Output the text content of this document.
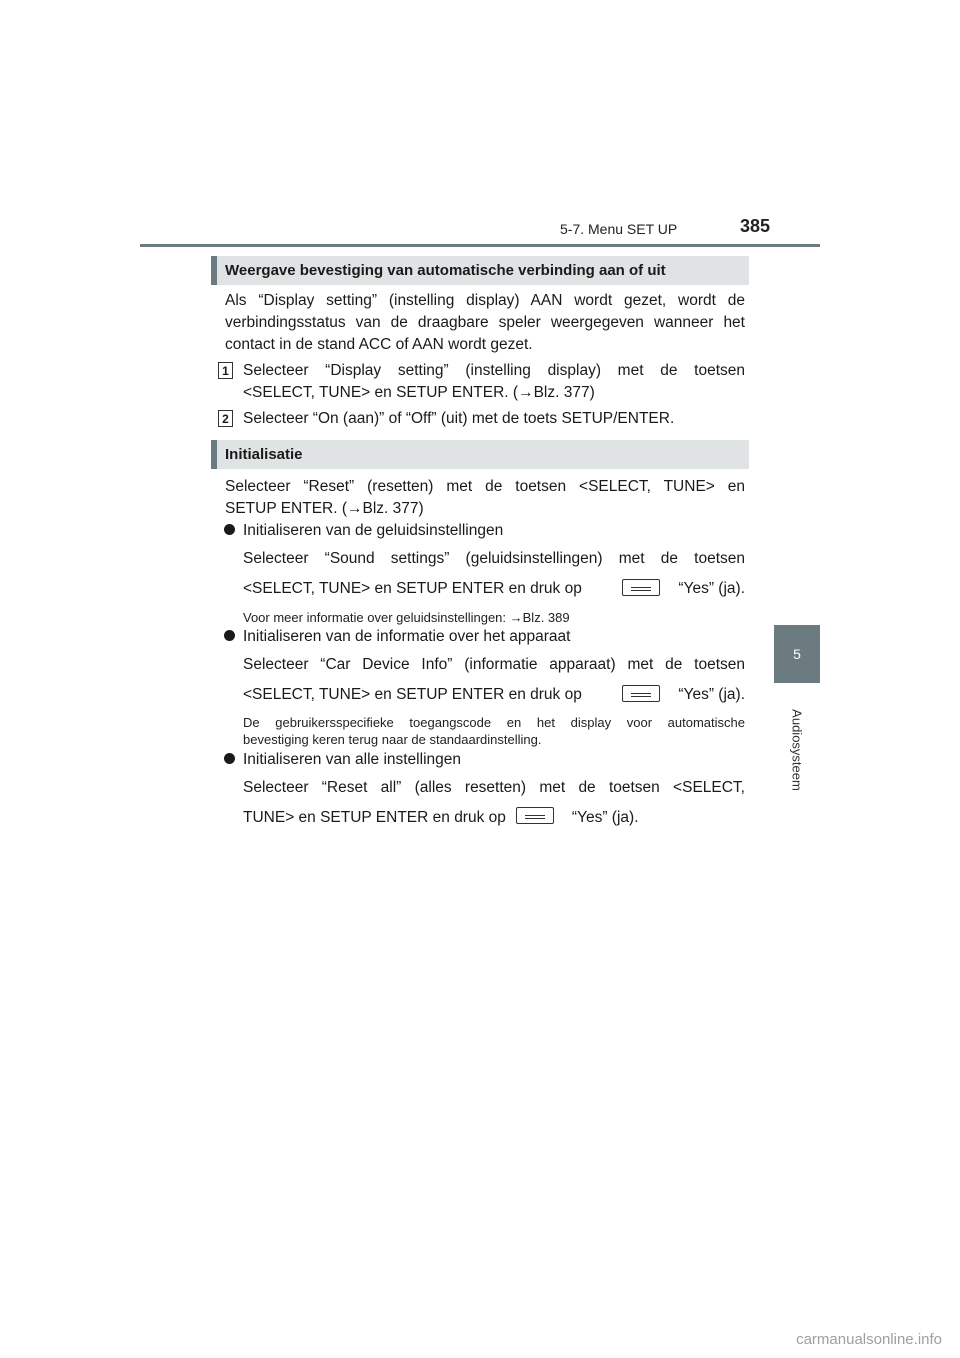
5-7. Menu SET UP	385
5
Audiosysteem
Weergave bevestiging van automatische verbinding aan of uit
Als “Display setting” (instelling display) AAN wordt gezet, wordt de
verbindingsstatus van de draagbare speler weergegeven wanneer het
contact in de stand ACC of AAN wordt gezet.
1 Selecteer “Display setting” (instelling display) met de toetsen
<SELECT, TUNE> en SETUP ENTER. (→Blz. 377)
2 Selecteer “On (aan)” of “Off” (uit) met de toets SETUP/ENTER.
Initialisatie
Selecteer “Reset” (resetten) met de toetsen <SELECT, TUNE> en
SETUP ENTER. (→Blz. 377)
Initialiseren van de geluidsinstellingen
Selecteer “Sound settings” (geluidsinstellingen) met de toetsen
<SELECT, TUNE> en SETUP ENTER en druk op	“Yes” (ja).
Voor meer informatie over geluidsinstellingen: →Blz. 389
Initialiseren van de informatie over het apparaat
Selecteer “Car Device Info” (informatie apparaat) met de toetsen
<SELECT, TUNE> en SETUP ENTER en druk op	“Yes” (ja).
De gebruikersspecifieke toegangscode en het display voor automatische
bevestiging keren terug naar de standaardinstelling.
Initialiseren van alle instellingen
Selecteer “Reset all” (alles resetten) met de toetsen <SELECT,
TUNE> en SETUP ENTER en druk op	“Yes” (ja).
carmanualsonline.info
